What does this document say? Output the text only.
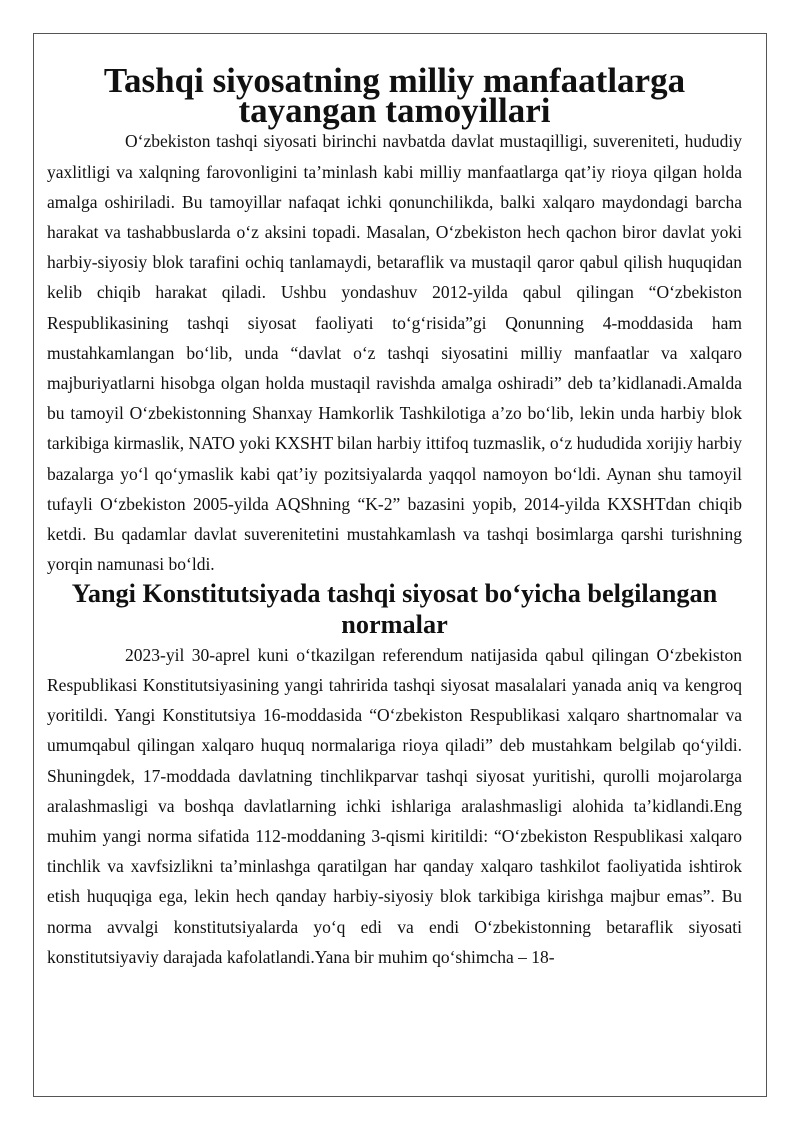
Tashqi siyosatning milliy manfaatlarga tayangan tamoyillari

O‘zbekiston tashqi siyosati birinchi navbatda davlat mustaqilligi, suvereniteti, hududiy yaxlitligi va xalqning farovonligini ta’minlash kabi milliy manfaatlarga qat’iy rioya qilgan holda amalga oshiriladi. Bu tamoyillar nafaqat ichki qonunchilikda, balki xalqaro maydondagi barcha harakat va tashabbuslarda o‘z aksini topadi. Masalan, O‘zbekiston hech qachon biror davlat yoki harbiy-siyosiy blok tarafini ochiq tanlamaydi, betaraflik va mustaqil qaror qabul qilish huquqidan kelib chiqib harakat qiladi. Ushbu yondashuv 2012-yilda qabul qilingan “O‘zbekiston Respublikasining tashqi siyosat faoliyati to‘g‘risida”gi Qonunning 4-moddasida ham mustahkamlangan bo‘lib, unda “davlat o‘z tashqi siyosatini milliy manfaatlar va xalqaro majburiyatlarni hisobga olgan holda mustaqil ravishda amalga oshiradi” deb ta’kidlanadi.Amalda bu tamoyil O‘zbekistonning Shanxay Hamkorlik Tashkilotiga a’zo bo‘lib, lekin unda harbiy blok tarkibiga kirmaslik, NATO yoki KXSHT bilan harbiy ittifoq tuzmaslik, o‘z hududida xorijiy harbiy bazalarga yo‘l qo‘ymaslik kabi qat’iy pozitsiyalarda yaqqol namoyon bo‘ldi. Aynan shu tamoyil tufayli O‘zbekiston 2005-yilda AQShning “K-2” bazasini yopib, 2014-yilda KXSHTdan chiqib ketdi. Bu qadamlar davlat suverenitetini mustahkamlash va tashqi bosimlarga qarshi turishning yorqin namunasi bo‘ldi.

Yangi Konstitutsiyada tashqi siyosat bo‘yicha belgilangan normalar

2023-yil 30-aprel kuni o‘tkazilgan referendum natijasida qabul qilingan O‘zbekiston Respublikasi Konstitutsiyasining yangi tahririda tashqi siyosat masalalari yanada aniq va kengroq yoritildi. Yangi Konstitutsiya 16-moddasida “O‘zbekiston Respublikasi xalqaro shartnomalar va umumqabul qilingan xalqaro huquq normalariga rioya qiladi” deb mustahkam belgilab qo‘yildi. Shuningdek, 17-moddada davlatning tinchlikparvar tashqi siyosat yuritishi, qurolli mojarolarga aralashmasligi va boshqa davlatlarning ichki ishlariga aralashmasligi alohida ta’kidlandi.Eng muhim yangi norma sifatida 112-moddaning 3-qismi kiritildi: “O‘zbekiston Respublikasi xalqaro tinchlik va xavfsizlikni ta’minlashga qaratilgan har qanday xalqaro tashkilot faoliyatida ishtirok etish huquqiga ega, lekin hech qanday harbiy-siyosiy blok tarkibiga kirishga majbur emas”. Bu norma avvalgi konstitutsiyalarda yo‘q edi va endi O‘zbekistonning betaraflik siyosati konstitutsiyaviy darajada kafolatlandi.Yana bir muhim qo‘shimcha – 18-
